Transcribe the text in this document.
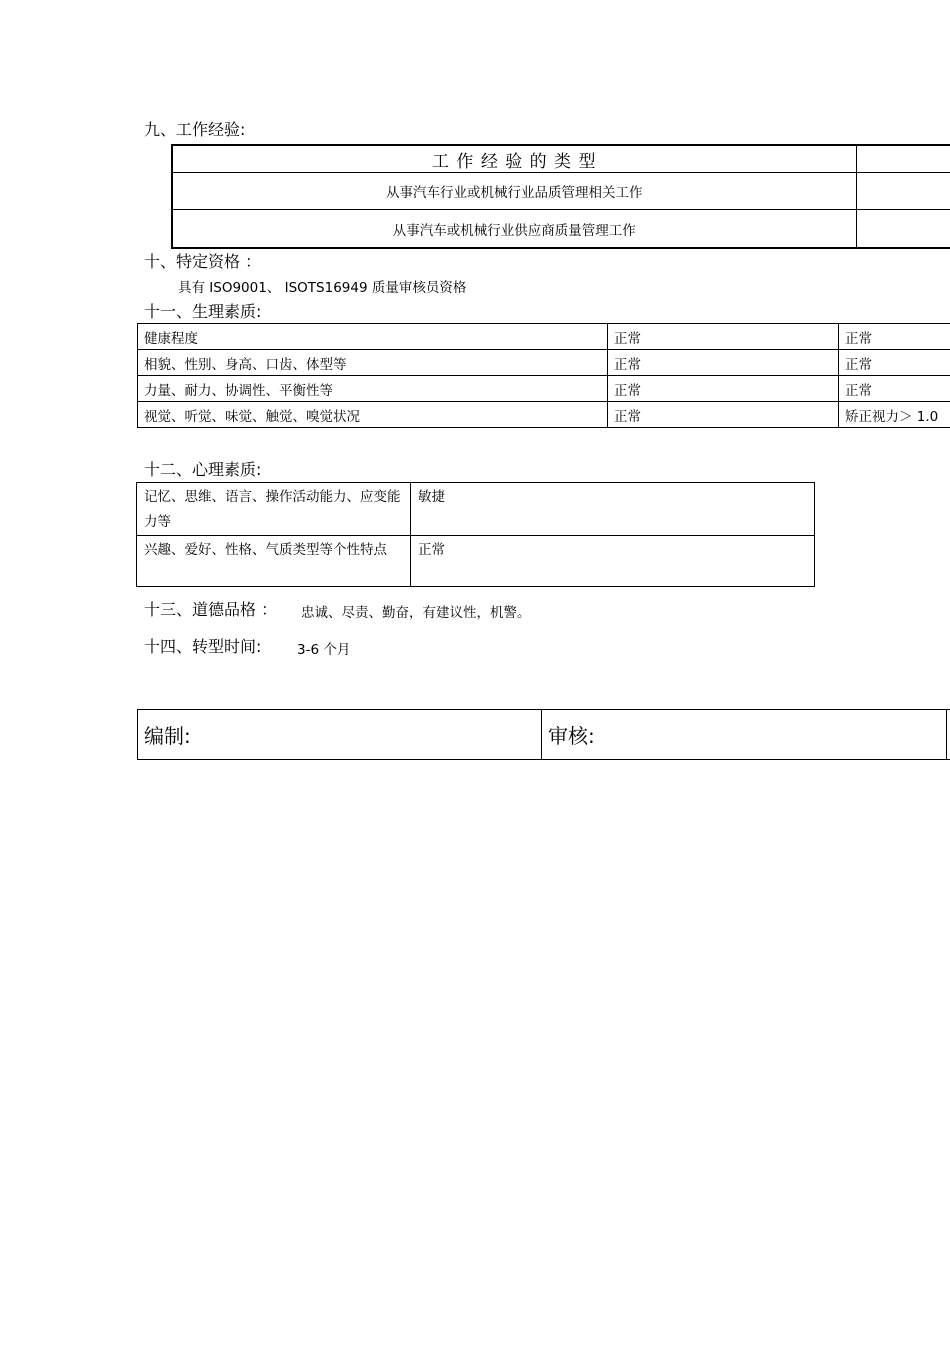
九、工作经验:
工 作 经 验 的 类 型	
从事汽车行业或机械行业品质管理相关工作	
从事汽车或机械行业供应商质量管理工作	
十、特定资格 ：
具有 ISO9001、 ISOTS16949 质量审核员资格
十一、生理素质:
健康程度	正常	正常
相貌、性别、身高、口齿、体型等	正常	正常
力量、耐力、协调性、平衡性等	正常	正常
视觉、听觉、味觉、触觉、嗅觉状况	正常	矫正视力＞ 1.0
十二、心理素质:
记忆、思维、语言、操作活动能力、应变能力等	敏捷
兴趣、爱好、性格、气质类型等个性特点	正常
十三、道德品格 ： 忠诚、尽责、勤奋，有建议性，机警。
十四、转型时间:	3-6 个月
编制:	审核:	
